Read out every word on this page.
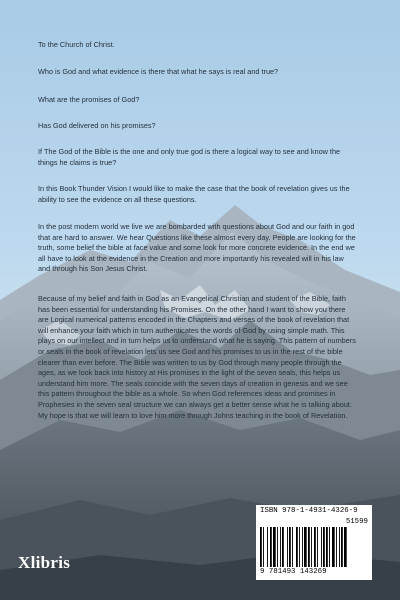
To the Church of Christ.

Who is God and what evidence is there that what he says is real and true?

What are the promises of God?

Has God delivered on his promises?

If The God of the Bible is the one and only true god is there a logical way to see and know the things he claims is true?

In this Book Thunder Vision I would like to make the case that the book of revelation gives us the ability to see the evidence on all these questions.

In the post modern world we live we are bombarded with questions about God and our faith in god that are hard to answer. We hear Questions like these almost every day. People are looking for the truth, some belief the bible at face value and some look for more concrete evidence. In the end we all have to look at the evidence in the Creation and more importantly his revealed will in his law and through his Son Jesus Christ.

Because of my belief and faith in God as an Evangelical Christian and student of the Bible, faith has been essential for understanding his Promises. On the other hand I want to show you there are Logical numerical patterns encoded in the Chapters and verses of the book of revelation that will enhance your faith which in turn authenticates the words of God by using simple math. This plays on our intellect and in turn helps us to understand what he is saying. This pattern of numbers or seals in the book of revelation lets us see God and his promises to us in the rest of the bible clearer than ever before. The Bible was written to us by God through many people through the ages, as we look back into history at His promises in the light of the seven seals, this helps us understand him more. The seals coincide with the seven days of creation in genesis and we see this pattern throughout the bible as a whole. So when God references ideas and promises in Prophesies in the seven seal structure we can always get a better sense what he is talking about. My hope is that we will learn to love him more through Johns teaching in the book of Revelation.

Xlibris
ISBN 978-1-4931-4326-9
51599
9 781493 143269
